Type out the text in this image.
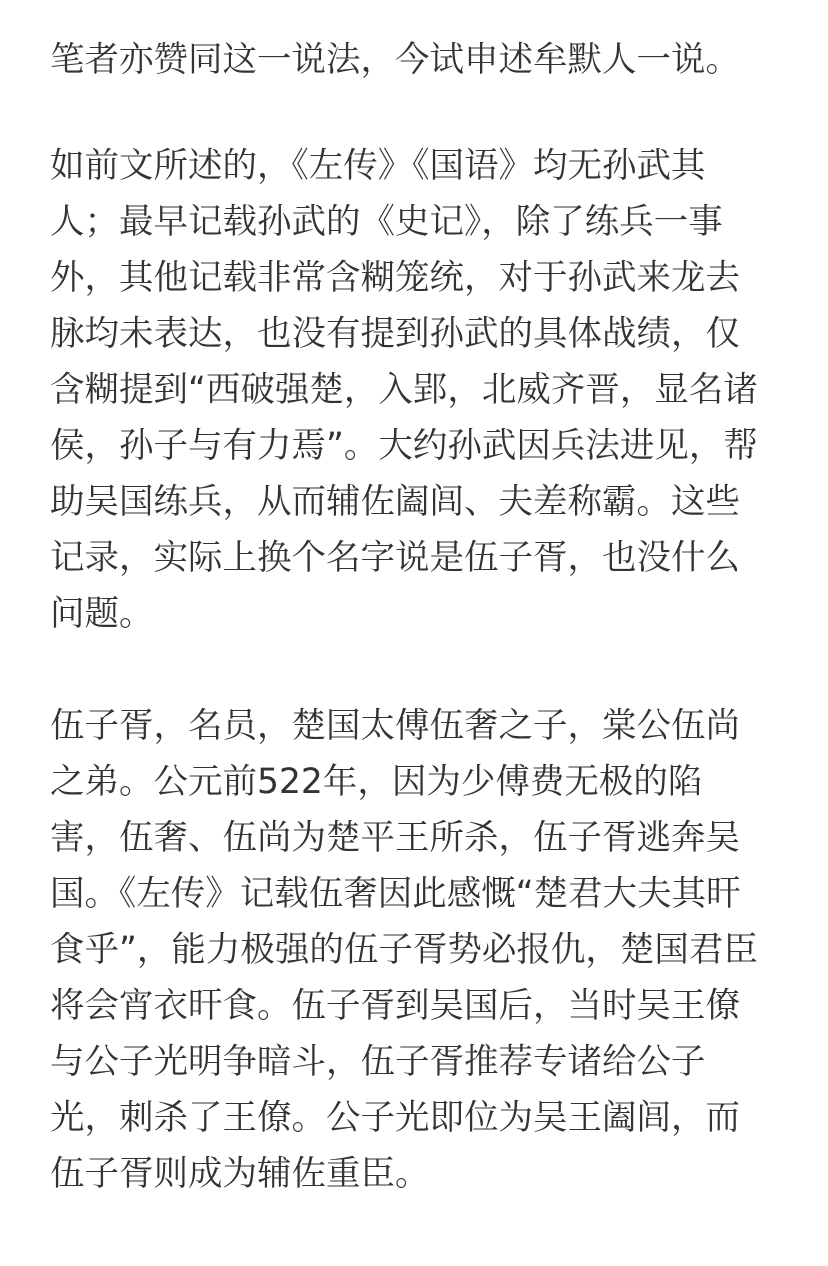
笔者亦赞同这一说法，今试申述牟默人一说。
如前文所述的，《左传》《国语》均无孙武其
人；最早记载孙武的《史记》，除了练兵一事
外，其他记载非常含糊笼统，对于孙武来龙去
脉均未表达，也没有提到孙武的具体战绩，仅
含糊提到“西破强楚，入郢，北威齐晋，显名诸
侯，孙子与有力焉”。大约孙武因兵法进见，帮
助吴国练兵，从而辅佐阖闾、夫差称霸。这些
记录，实际上换个名字说是伍子胥，也没什么
问题。
伍子胥，名员，楚国太傅伍奢之子，棠公伍尚
之弟。公元前522年，因为少傅费无极的陷
害，伍奢、伍尚为楚平王所杀，伍子胥逃奔吴
国。《左传》记载伍奢因此感慨“楚君大夫其旰
食乎”，能力极强的伍子胥势必报仇，楚国君臣
将会宵衣旰食。伍子胥到吴国后，当时吴王僚
与公子光明争暗斗，伍子胥推荐专诸给公子
光，刺杀了王僚。公子光即位为吴王阖闾，而
伍子胥则成为辅佐重臣。
